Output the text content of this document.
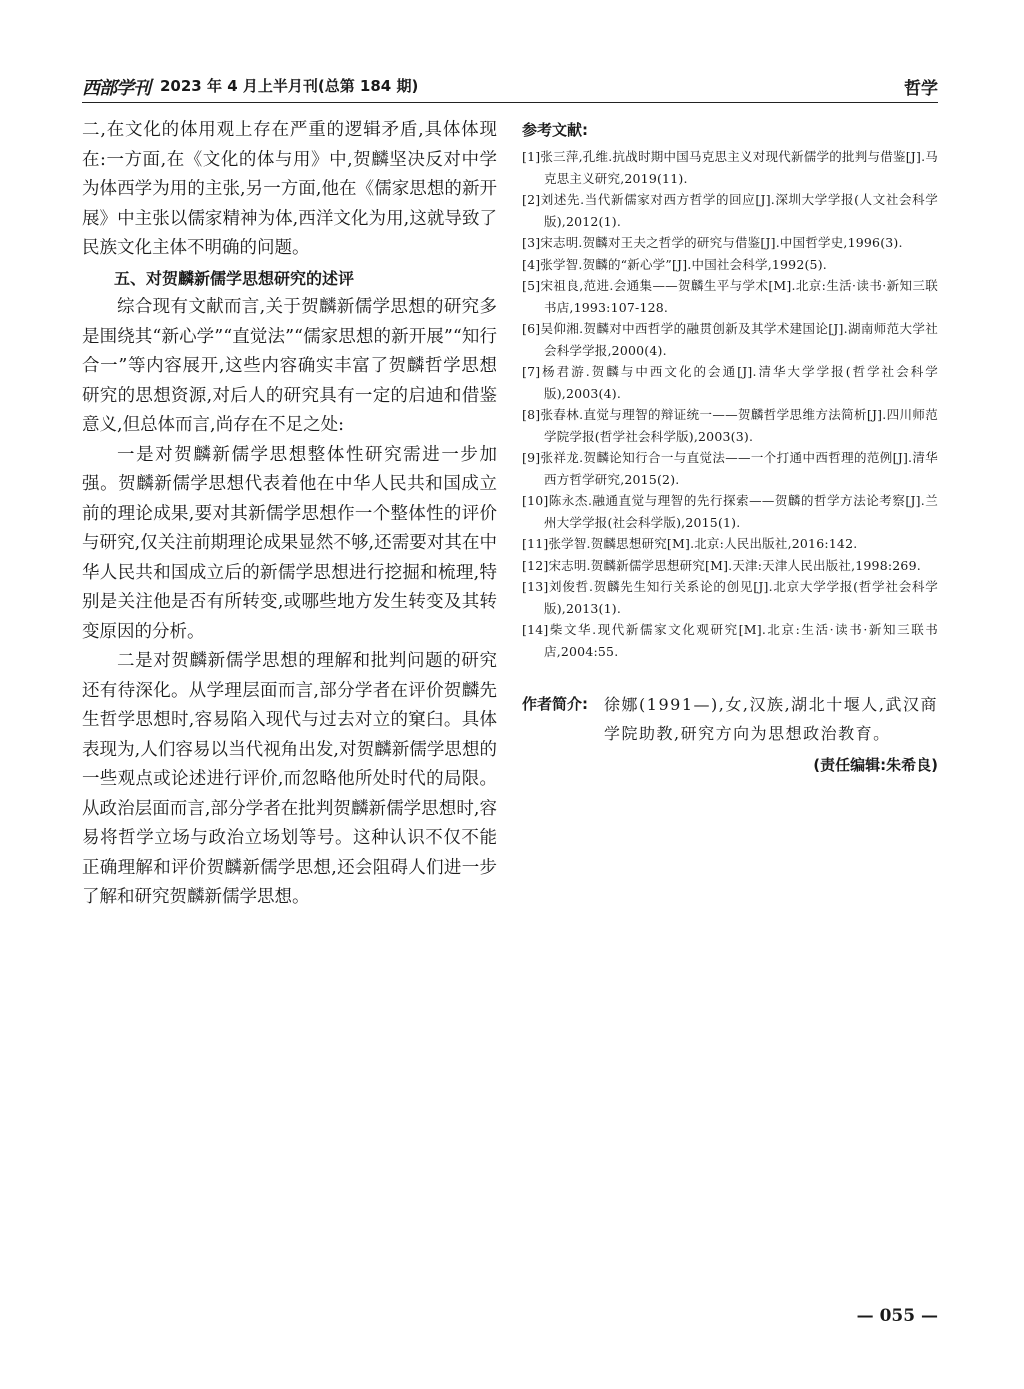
西部学刊 2023 年 4 月上半月刊(总第 184 期)	哲学

二,在文化的体用观上存在严重的逻辑矛盾,具体体现在:一方面,在《文化的体与用》中,贺麟坚决反对中学为体西学为用的主张,另一方面,他在《儒家思想的新开展》中主张以儒家精神为体,西洋文化为用,这就导致了民族文化主体不明确的问题。

五、对贺麟新儒学思想研究的述评

综合现有文献而言,关于贺麟新儒学思想的研究多是围绕其“新心学”“直觉法”“儒家思想的新开展”“知行合一”等内容展开,这些内容确实丰富了贺麟哲学思想研究的思想资源,对后人的研究具有一定的启迪和借鉴意义,但总体而言,尚存在不足之处:

一是对贺麟新儒学思想整体性研究需进一步加强。贺麟新儒学思想代表着他在中华人民共和国成立前的理论成果,要对其新儒学思想作一个整体性的评价与研究,仅关注前期理论成果显然不够,还需要对其在中华人民共和国成立后的新儒学思想进行挖掘和梳理,特别是关注他是否有所转变,或哪些地方发生转变及其转变原因的分析。

二是对贺麟新儒学思想的理解和批判问题的研究还有待深化。从学理层面而言,部分学者在评价贺麟先生哲学思想时,容易陷入现代与过去对立的窠臼。具体表现为,人们容易以当代视角出发,对贺麟新儒学思想的一些观点或论述进行评价,而忽略他所处时代的局限。从政治层面而言,部分学者在批判贺麟新儒学思想时,容易将哲学立场与政治立场划等号。这种认识不仅不能正确理解和评价贺麟新儒学思想,还会阻碍人们进一步了解和研究贺麟新儒学思想。

参考文献:
[1]张三萍,孔维.抗战时期中国马克思主义对现代新儒学的批判与借鉴[J].马克思主义研究,2019(11).
[2]刘述先.当代新儒家对西方哲学的回应[J].深圳大学学报(人文社会科学版),2012(1).
[3]宋志明.贺麟对王夫之哲学的研究与借鉴[J].中国哲学史,1996(3).
[4]张学智.贺麟的“新心学”[J].中国社会科学,1992(5).
[5]宋祖良,范进.会通集——贺麟生平与学术[M].北京:生活·读书·新知三联书店,1993:107-128.
[6]吴仰湘.贺麟对中西哲学的融贯创新及其学术建国论[J].湖南师范大学社会科学学报,2000(4).
[7]杨君游.贺麟与中西文化的会通[J].清华大学学报(哲学社会科学版),2003(4).
[8]张春林.直觉与理智的辩证统一——贺麟哲学思维方法简析[J].四川师范学院学报(哲学社会科学版),2003(3).
[9]张祥龙.贺麟论知行合一与直觉法——一个打通中西哲理的范例[J].清华西方哲学研究,2015(2).
[10]陈永杰.融通直觉与理智的先行探索——贺麟的哲学方法论考察[J].兰州大学学报(社会科学版),2015(1).
[11]张学智.贺麟思想研究[M].北京:人民出版社,2016:142.
[12]宋志明.贺麟新儒学思想研究[M].天津:天津人民出版社,1998:269.
[13]刘俊哲.贺麟先生知行关系论的创见[J].北京大学学报(哲学社会科学版),2013(1).
[14]柴文华.现代新儒家文化观研究[M].北京:生活·读书·新知三联书店,2004:55.
作者简介: 徐娜(1991—),女,汉族,湖北十堰人,武汉商学院助教,研究方向为思想政治教育。
(责任编辑:朱希良)
— 055 —
